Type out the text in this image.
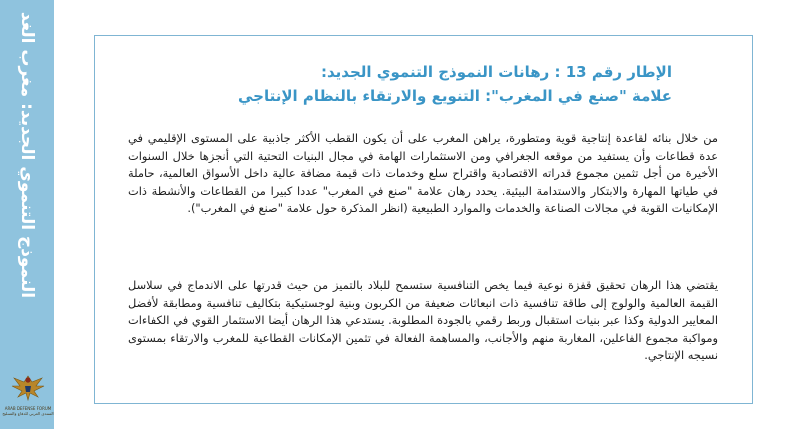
النموذج التنموي الجديد: مغرب الغد
ARAB DEFENSE FORUM
المنتدى العربي للدفاع والتسليح
الإطار رقم 13 : رهانات النموذج التنموي الجديد:
علامة "صنع في المغرب": التنويع والارتقاء بالنظام الإنتاجي

من خلال بنائه لقاعدة إنتاجية قوية ومتطورة، يراهن المغرب على أن يكون القطب الأكثر جاذبية على المستوى الإقليمي في عدة قطاعات وأن يستفيد من موقعه الجغرافي ومن الاستثمارات الهامة في مجال البنيات التحتية التي أنجزها خلال السنوات الأخيرة من أجل تثمين مجموع قدراته الاقتصادية واقتراح سلع وخدمات ذات قيمة مضافة عالية داخل الأسواق العالمية، حاملة في طياتها المهارة والابتكار والاستدامة البيئية. يحدد رهان علامة "صنع في المغرب" عددا كبيرا من القطاعات والأنشطة ذات الإمكانيات القوية في مجالات الصناعة والخدمات والموارد الطبيعية (انظر المذكرة حول علامة "صنع في المغرب").

يقتضي هذا الرهان تحقيق قفزة نوعية فيما يخص التنافسية ستسمح للبلاد بالتميز من حيث قدرتها على الاندماج في سلاسل القيمة العالمية والولوج إلى طاقة تنافسية ذات انبعاثات ضعيفة من الكربون وبنية لوجستيكية بتكاليف تنافسية ومطابقة لأفضل المعايير الدولية وكذا عبر بنيات استقبال وربط رقمي بالجودة المطلوبة. يستدعي هذا الرهان أيضا الاستثمار القوي في الكفاءات ومواكبة مجموع الفاعلين، المغاربة منهم والأجانب، والمساهمة الفعالة في تثمين الإمكانات القطاعية للمغرب والارتقاء بمستوى نسيجه الإنتاجي.
